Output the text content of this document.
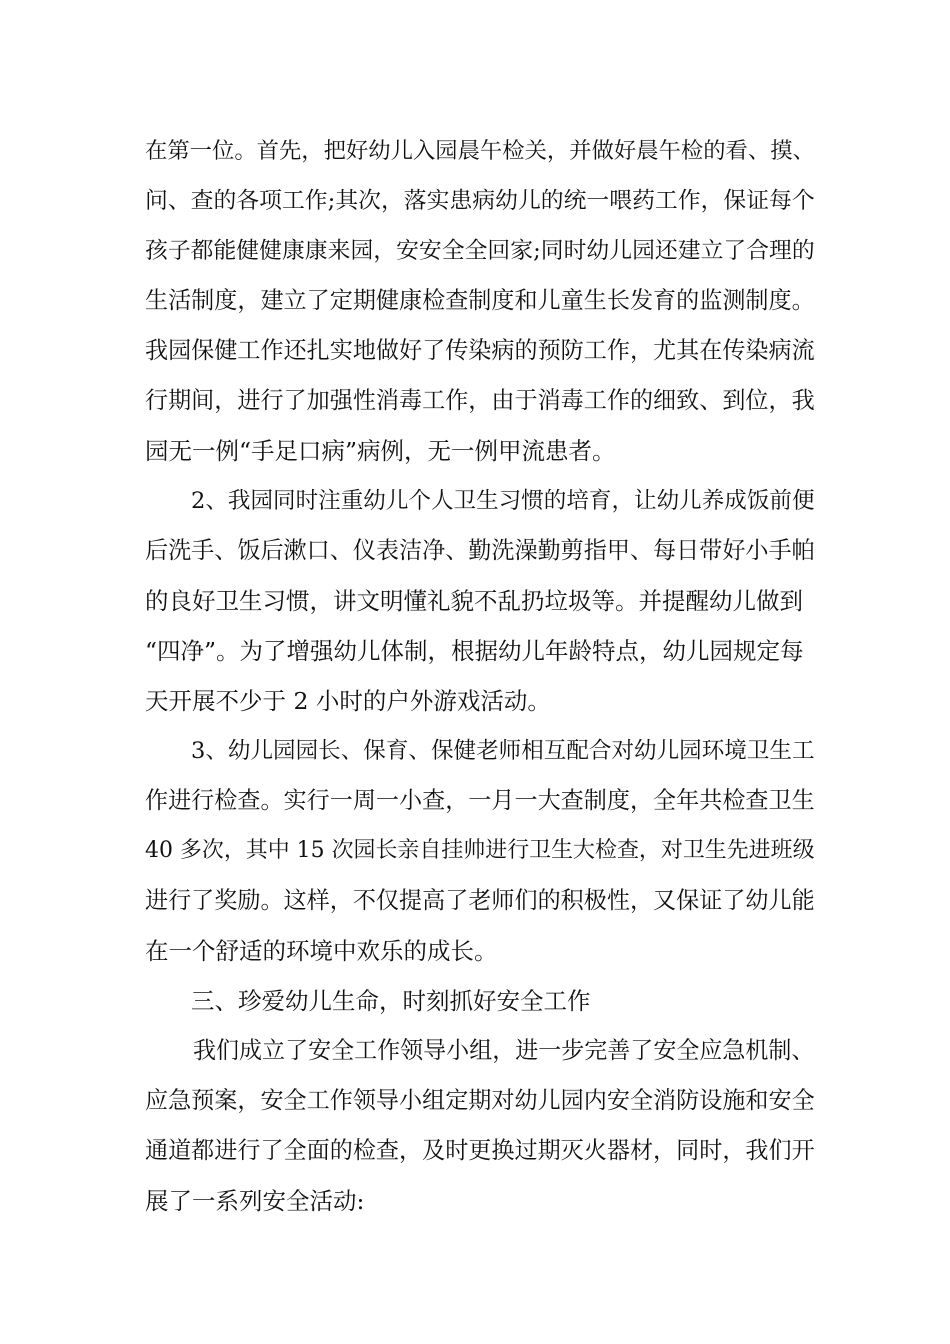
在第一位。首先，把好幼儿入园晨午检关，并做好晨午检的看、摸、
问、查的各项工作;其次，落实患病幼儿的统一喂药工作，保证每个
孩子都能健健康康来园，安安全全回家;同时幼儿园还建立了合理的
生活制度，建立了定期健康检查制度和儿童生长发育的监测制度。
我园保健工作还扎实地做好了传染病的预防工作，尤其在传染病流
行期间，进行了加强性消毒工作，由于消毒工作的细致、到位，我
园无一例“手足口病”病例，无一例甲流患者。
2、我园同时注重幼儿个人卫生习惯的培育，让幼儿养成饭前便
后洗手、饭后漱口、仪表洁净、勤洗澡勤剪指甲、每日带好小手帕
的良好卫生习惯，讲文明懂礼貌不乱扔垃圾等。并提醒幼儿做到
“四净”。为了增强幼儿体制，根据幼儿年龄特点，幼儿园规定每
天开展不少于 2 小时的户外游戏活动。
3、幼儿园园长、保育、保健老师相互配合对幼儿园环境卫生工
作进行检查。实行一周一小查，一月一大查制度，全年共检查卫生
40 多次，其中 15 次园长亲自挂帅进行卫生大检查，对卫生先进班级
进行了奖励。这样，不仅提高了老师们的积极性，又保证了幼儿能
在一个舒适的环境中欢乐的成长。
三、珍爱幼儿生命，时刻抓好安全工作
我们成立了安全工作领导小组，进一步完善了安全应急机制、
应急预案，安全工作领导小组定期对幼儿园内安全消防设施和安全
通道都进行了全面的检查，及时更换过期灭火器材，同时，我们开
展了一系列安全活动:
